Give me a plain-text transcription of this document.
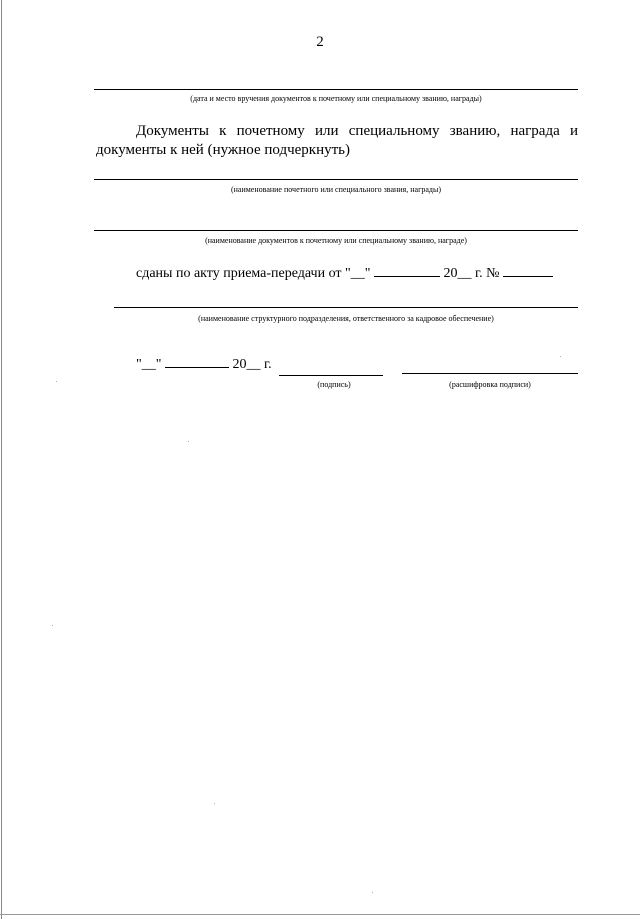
2
(дата и место вручения документов к почетному или специальному званию, награды)
Документы к почетному или специальному званию, награда и документы к ней (нужное подчеркнуть)
(наименование почетного или специального звания, награды)
(наименование документов к почетному или специальному званию, награде)
сданы по акту приема-передачи от "__"	20__ г. №
(наименование структурного подразделения, ответственного за кадровое обеспечение)
"__"	20__ г.
(подпись)	(расшифровка подписи)
